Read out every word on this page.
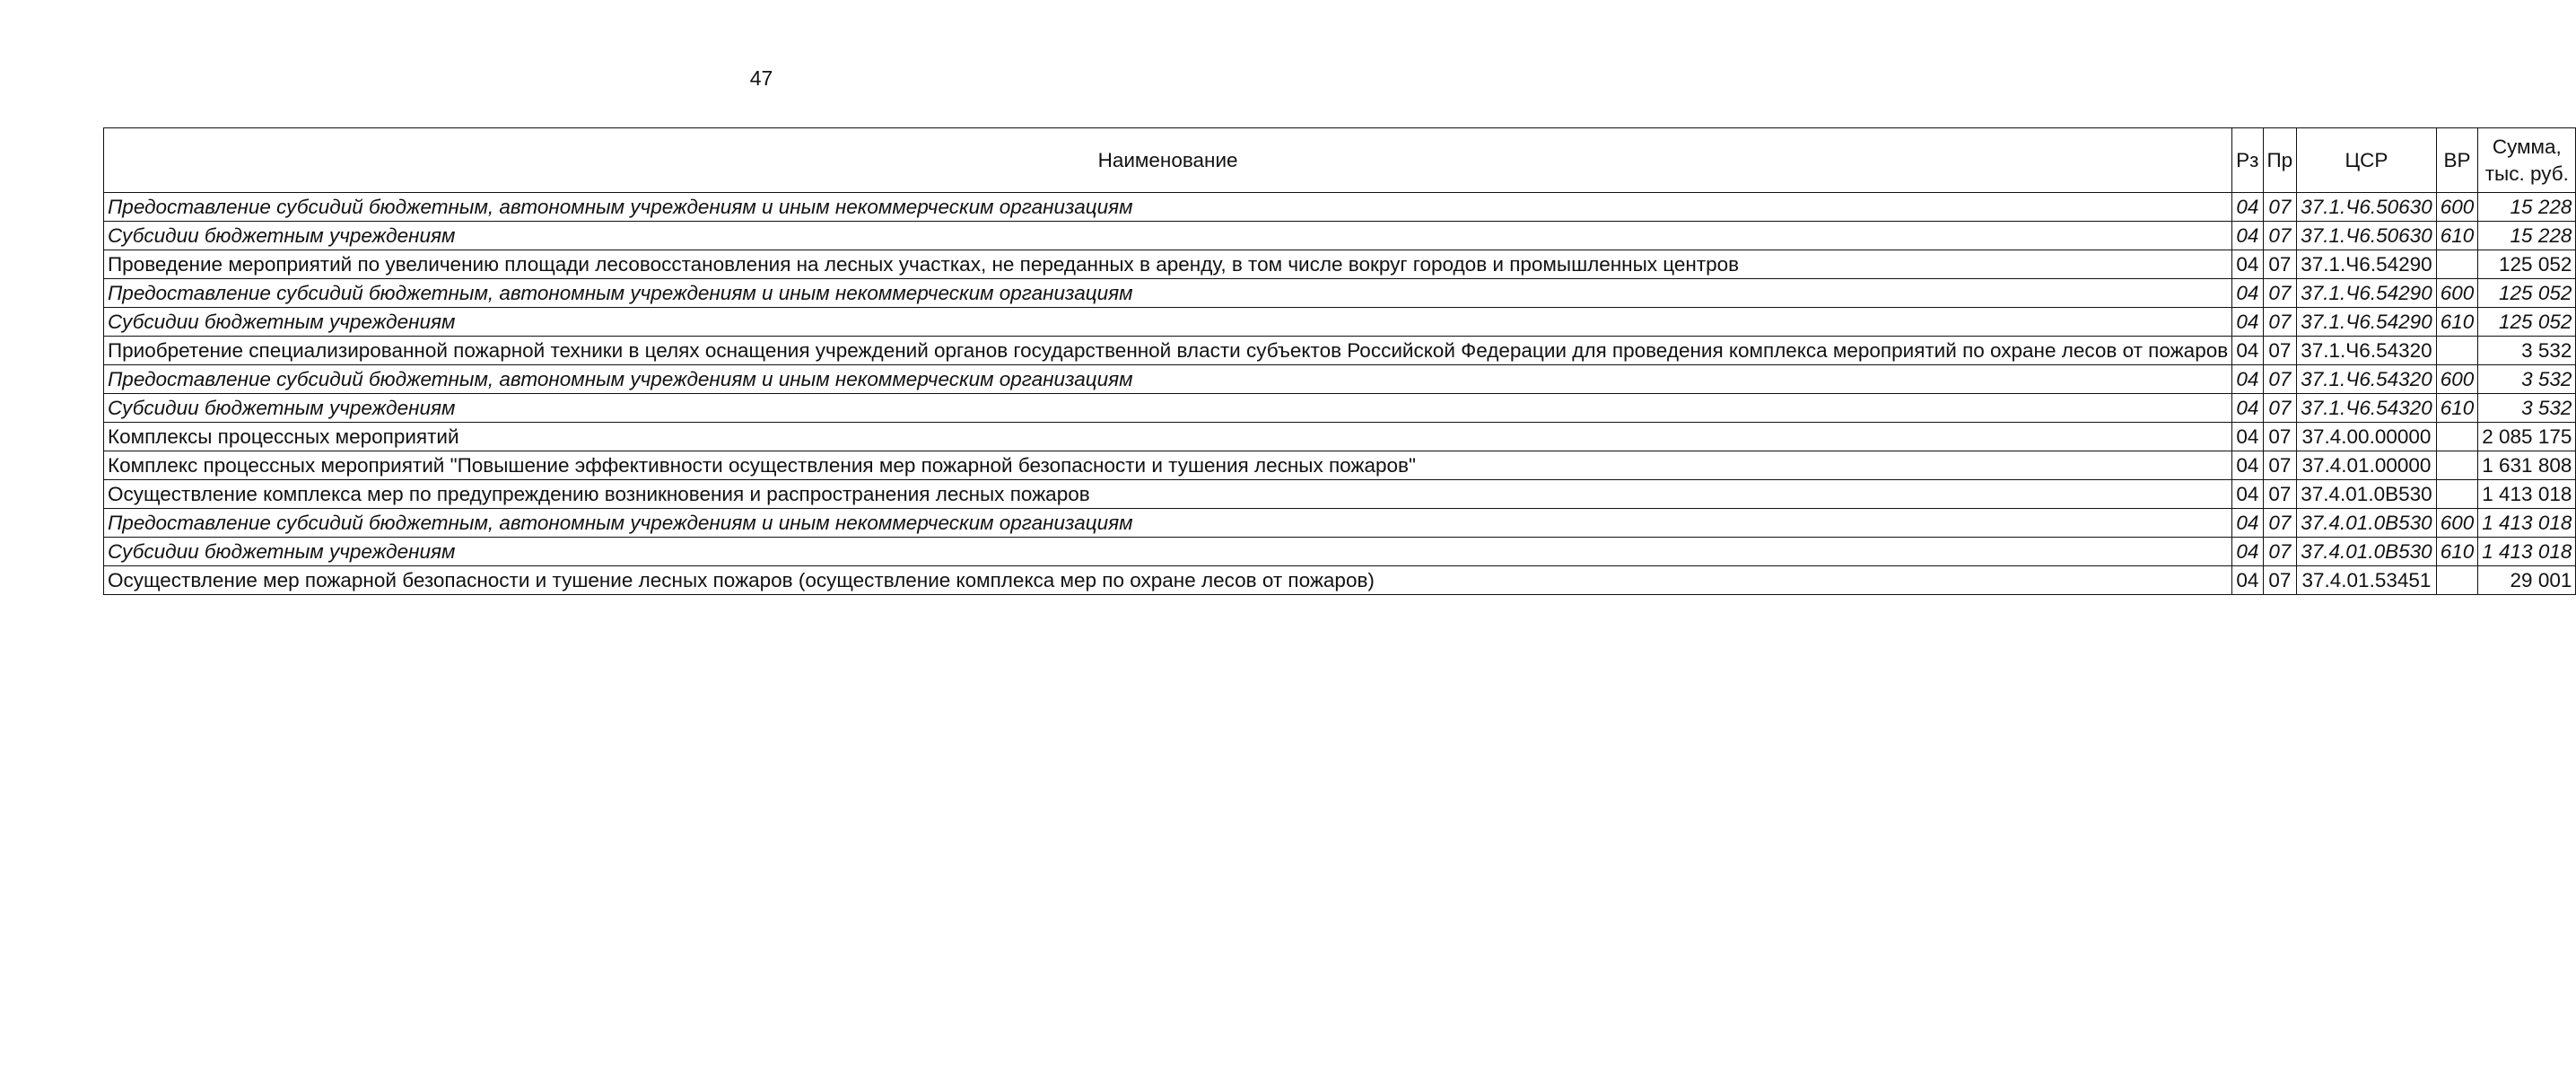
47
Наименование	Рз	Пр	ЦСР	ВР	Сумма,
тыс. руб.
Предоставление субсидий бюджетным, автономным учреждениям и иным некоммерческим организациям	04	07	37.1.Ч6.50630	600	15 228
Субсидии бюджетным учреждениям	04	07	37.1.Ч6.50630	610	15 228
Проведение мероприятий по увеличению площади лесовосстановления на лесных участках, не переданных в аренду, в том числе вокруг городов и промышленных центров	04	07	37.1.Ч6.54290		125 052
Предоставление субсидий бюджетным, автономным учреждениям и иным некоммерческим организациям	04	07	37.1.Ч6.54290	600	125 052
Субсидии бюджетным учреждениям	04	07	37.1.Ч6.54290	610	125 052
Приобретение специализированной пожарной техники в целях оснащения учреждений органов государственной власти субъектов Российской Федерации для проведения комплекса мероприятий по охране лесов от пожаров	04	07	37.1.Ч6.54320		3 532
Предоставление субсидий бюджетным, автономным учреждениям и иным некоммерческим организациям	04	07	37.1.Ч6.54320	600	3 532
Субсидии бюджетным учреждениям	04	07	37.1.Ч6.54320	610	3 532
Комплексы процессных мероприятий	04	07	37.4.00.00000		2 085 175
Комплекс процессных мероприятий "Повышение эффективности осуществления мер пожарной безопасности и тушения лесных пожаров"	04	07	37.4.01.00000		1 631 808
Осуществление комплекса мер по предупреждению возникновения и распространения лесных пожаров	04	07	37.4.01.0В530		1 413 018
Предоставление субсидий бюджетным, автономным учреждениям и иным некоммерческим организациям	04	07	37.4.01.0В530	600	1 413 018
Субсидии бюджетным учреждениям	04	07	37.4.01.0В530	610	1 413 018
Осуществление мер пожарной безопасности и тушение лесных пожаров (осуществление комплекса мер по охране лесов от пожаров)	04	07	37.4.01.53451		29 001
